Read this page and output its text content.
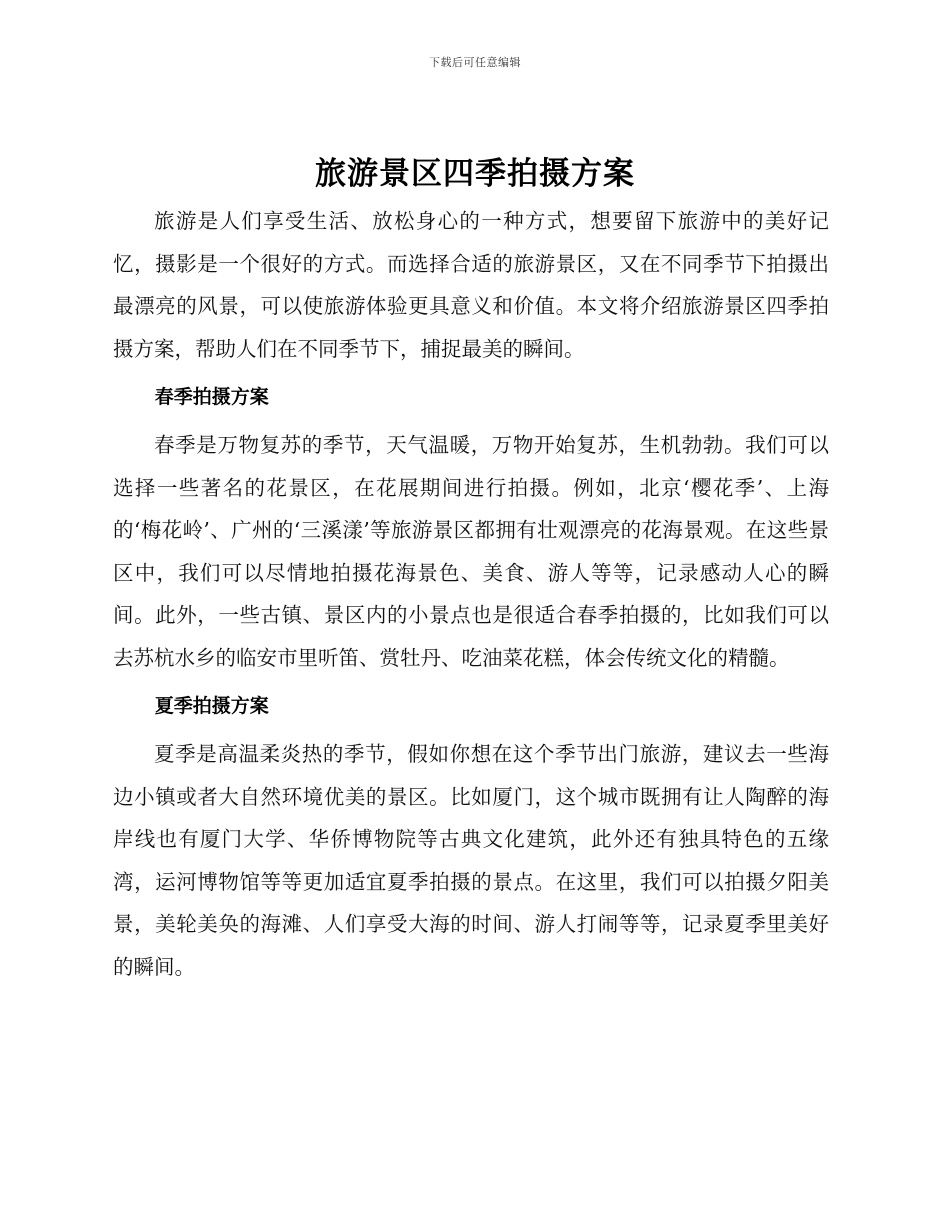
下载后可任意编辑
旅游景区四季拍摄方案

旅游是人们享受生活、放松身心的一种方式，想要留下旅游中的美好记忆，摄影是一个很好的方式。而选择合适的旅游景区，又在不同季节下拍摄出最漂亮的风景，可以使旅游体验更具意义和价值。本文将介绍旅游景区四季拍摄方案，帮助人们在不同季节下，捕捉最美的瞬间。

春季拍摄方案

春季是万物复苏的季节，天气温暖，万物开始复苏，生机勃勃。我们可以选择一些著名的花景区，在花展期间进行拍摄。例如，北京‘樱花季’、上海的‘梅花岭’、广州的‘三溪漾’等旅游景区都拥有壮观漂亮的花海景观。在这些景区中，我们可以尽情地拍摄花海景色、美食、游人等等，记录感动人心的瞬间。此外，一些古镇、景区内的小景点也是很适合春季拍摄的，比如我们可以去苏杭水乡的临安市里听笛、赏牡丹、吃油菜花糕，体会传统文化的精髓。

夏季拍摄方案

夏季是高温柔炎热的季节，假如你想在这个季节出门旅游，建议去一些海边小镇或者大自然环境优美的景区。比如厦门，这个城市既拥有让人陶醉的海岸线也有厦门大学、华侨博物院等古典文化建筑，此外还有独具特色的五缘湾，运河博物馆等等更加适宜夏季拍摄的景点。在这里，我们可以拍摄夕阳美景，美轮美奂的海滩、人们享受大海的时间、游人打闹等等，记录夏季里美好的瞬间。
